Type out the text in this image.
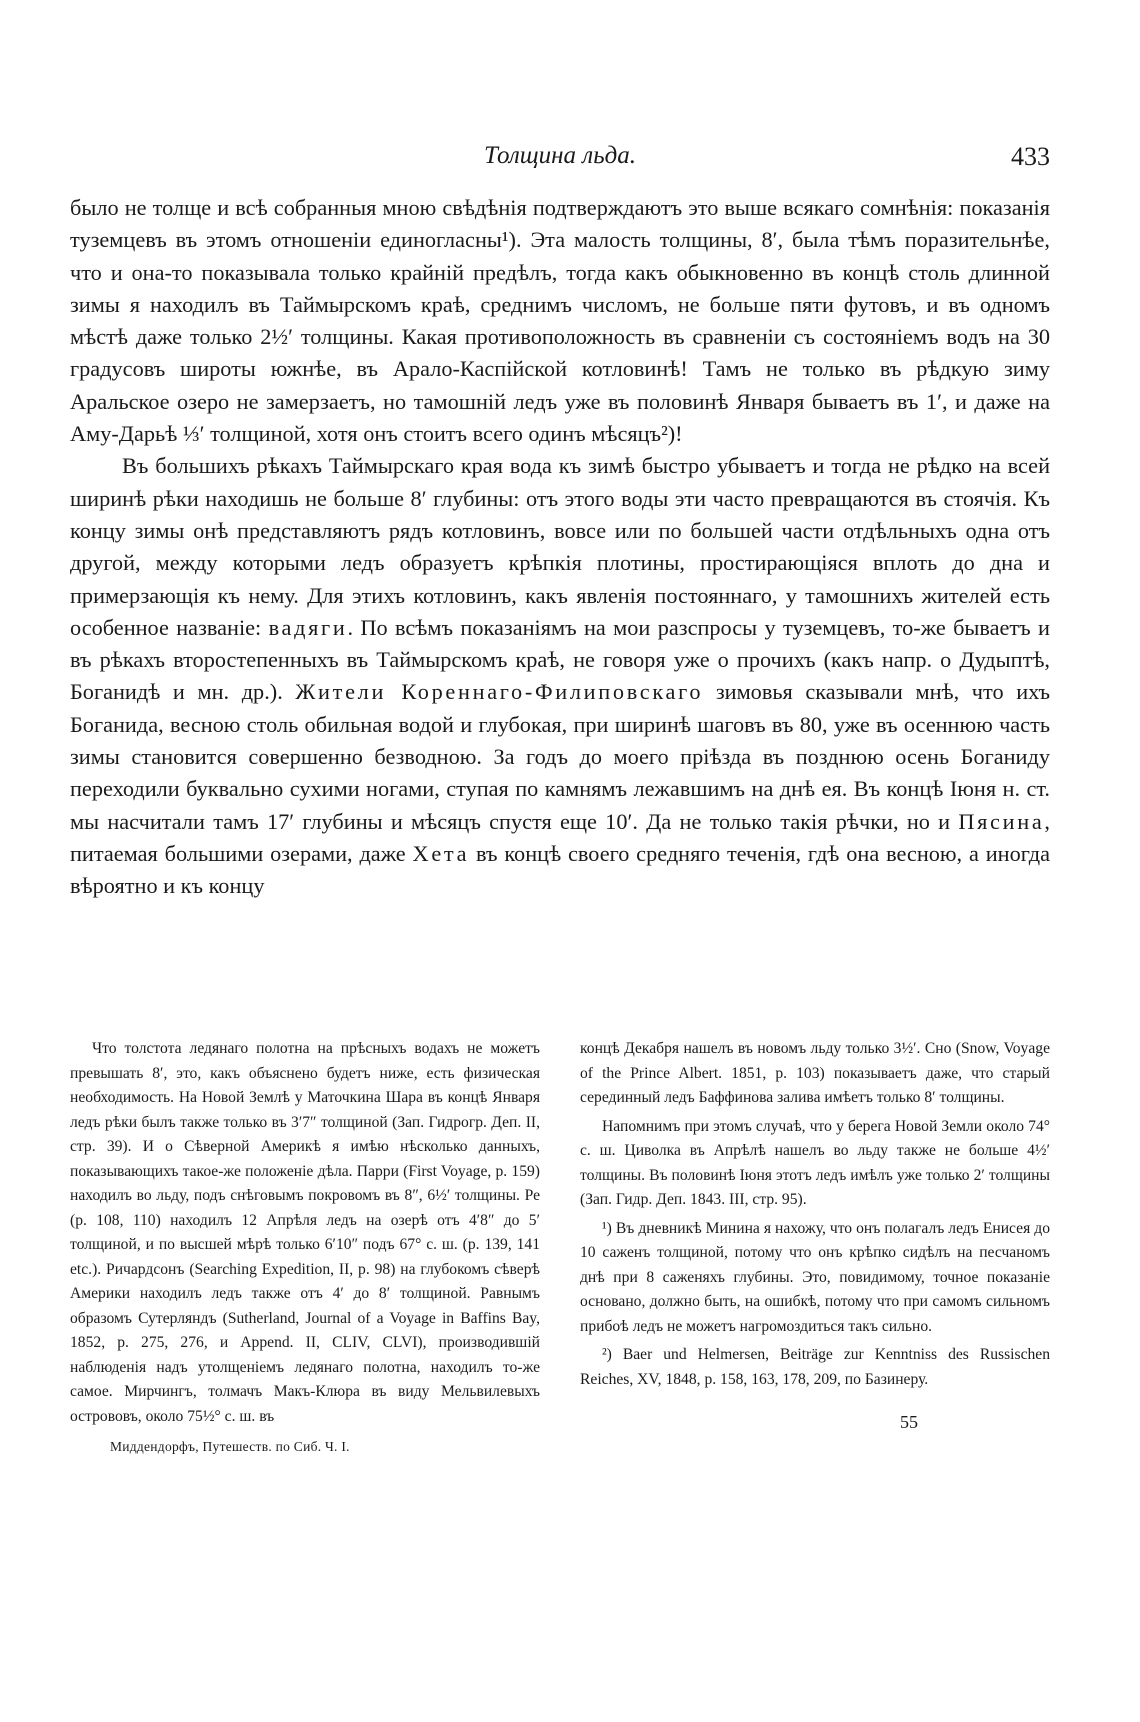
Толщина льда.	433

было не толще и всѣ собранныя мною свѣдѣнія подтверждаютъ это выше всякаго сомнѣнія: показанія туземцевъ въ этомъ отношеніи единогласны¹). Эта малость толщины, 8′, была тѣмъ поразительнѣе, что и она-то показывала только крайній предѣлъ, тогда какъ обыкновенно въ концѣ столь длинной зимы я находилъ въ Таймырскомъ краѣ, среднимъ числомъ, не больше пяти футовъ, и въ одномъ мѣстѣ даже только 2½′ толщины. Какая противоположность въ сравненіи съ состояніемъ водъ на 30 градусовъ широты южнѣе, въ Арало-Каспійской котловинѣ! Тамъ не только въ рѣдкую зиму Аральское озеро не замерзаетъ, но тамошній ледъ уже въ половинѣ Января бываетъ въ 1′, и даже на Аму-Дарьѣ ⅓′ толщиной, хотя онъ стоитъ всего одинъ мѣсяцъ²)!

Въ большихъ рѣкахъ Таймырскаго края вода къ зимѣ быстро убываетъ и тогда не рѣдко на всей ширинѣ рѣки находишь не больше 8′ глубины: отъ этого воды эти часто превращаются въ стоячія. Къ концу зимы онѣ представляютъ рядъ котловинъ, вовсе или по большей части отдѣльныхъ одна отъ другой, между которыми ледъ образуетъ крѣпкія плотины, простирающіяся вплоть до дна и примерзающія къ нему. Для этихъ котловинъ, какъ явленія постояннаго, у тамошнихъ жителей есть особенное названіе: вадяги. По всѣмъ показаніямъ на мои разспросы у туземцевъ, то-же бываетъ и въ рѣкахъ второстепенныхъ въ Таймырскомъ краѣ, не говоря уже о прочихъ (какъ напр. о Дудыптѣ, Боганидѣ и мн. др.). Жители Кореннаго-Филиповскаго зимовья сказывали мнѣ, что ихъ Боганида, весною столь обильная водой и глубокая, при ширинѣ шаговъ въ 80, уже въ осеннюю часть зимы становится совершенно безводною. За годъ до моего пріѣзда въ позднюю осень Боганиду переходили буквально сухими ногами, ступая по камнямъ лежавшимъ на днѣ ея. Въ концѣ Іюня н. ст. мы насчитали тамъ 17′ глубины и мѣсяцъ спустя еще 10′. Да не только такія рѣчки, но и Пясина, питаемая большими озерами, даже Хета въ концѣ своего средняго теченія, гдѣ она весною, а иногда вѣроятно и къ концу

Что толстота ледянаго полотна на прѣсныхъ водахъ не можетъ превышать 8′, это, какъ объяснено будетъ ниже, есть физическая необходимость. На Новой Землѣ у Маточкина Шара въ концѣ Января ледъ рѣки былъ также только въ 3′7″ толщиной (Зап. Гидрогр. Деп. II, стр. 39). И о Сѣверной Америкѣ я имѣю нѣсколько данныхъ, показывающихъ такое-же положеніе дѣла. Парри (First Voyage, p. 159) находилъ во льду, подъ снѣговымъ покровомъ въ 8″, 6½′ толщины. Ре (p. 108, 110) находилъ 12 Апрѣля ледъ на озерѣ отъ 4′8″ до 5′ толщиной, и по высшей мѣрѣ только 6′10″ подъ 67° с. ш. (p. 139, 141 etc.). Ричардсонъ (Searching Expedition, II, p. 98) на глубокомъ сѣверѣ Америки находилъ ледъ также отъ 4′ до 8′ толщиной. Равнымъ образомъ Сутерляндъ (Sutherland, Journal of a Voyage in Baffins Bay, 1852, p. 275, 276, и Append. II, CLIV, CLVI), производившій наблюденія надъ утолщеніемъ ледянаго полотна, находилъ то-же самое. Мирчингъ, толмачъ Макъ-Клюра въ виду Мельвилевыхъ острововъ, около 75½° с. ш. въ

Миддендорфъ, Путешеств. по Сиб. Ч. I.

концѣ Декабря нашелъ въ новомъ льду только 3½′. Сно (Snow, Voyage of the Prince Albert. 1851, p. 103) показываетъ даже, что старый серединный ледъ Баффинова залива имѣетъ только 8′ толщины.

Напомнимъ при этомъ случаѣ, что у берега Новой Земли около 74° с. ш. Циволка въ Апрѣлѣ нашелъ во льду также не больше 4½′ толщины. Въ половинѣ Іюня этотъ ледъ имѣлъ уже только 2′ толщины (Зап. Гидр. Деп. 1843. III, стр. 95).

¹) Въ дневникѣ Минина я нахожу, что онъ полагалъ ледъ Енисея до 10 саженъ толщиной, потому что онъ крѣпко сидѣлъ на песчаномъ днѣ при 8 саженяхъ глубины. Это, повидимому, точное показаніе основано, должно быть, на ошибкѣ, потому что при самомъ сильномъ прибоѣ ледъ не можетъ нагромоздиться такъ сильно.

²) Baer und Helmersen, Beiträge zur Kenntniss des Russischen Reiches, XV, 1848, p. 158, 163, 178, 209, по Базинеру.

55
